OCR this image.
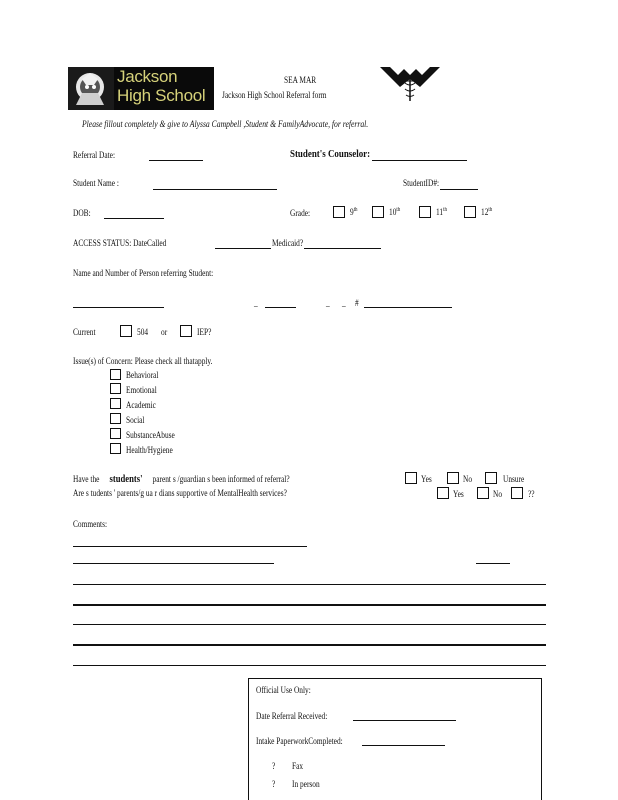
Jackson
High School
SEA MAR
Jackson High School Referral form
Please fillout completely & give to Alyssa Campbell ,Student & FamilyAdvocate, for referral.
Referral Date:	Student's Counselor:
Student Name :	StudentID#:
DOB:	Grade:	9th	10th	11th	12th
ACCESS STATUS: DateCalled	Medicaid?
Name and Number of Person referring Student:
_	_ _ #
Current	504 or	IEP?
Issue(s) of Concern: Please check all thatapply.
Behavioral
Emotional
Academic
Social
SubstanceAbuse
Health/Hygiene
Have the students' parent s /guardian s been informed of referral?	Yes	No	Unsure
Are s tudents ' parents/g ua r dians supportive of MentalHealth services?	Yes	No	??
Comments:
Official Use Only:
Date Referral Received:
Intake PaperworkCompleted:
? Fax
? In person
